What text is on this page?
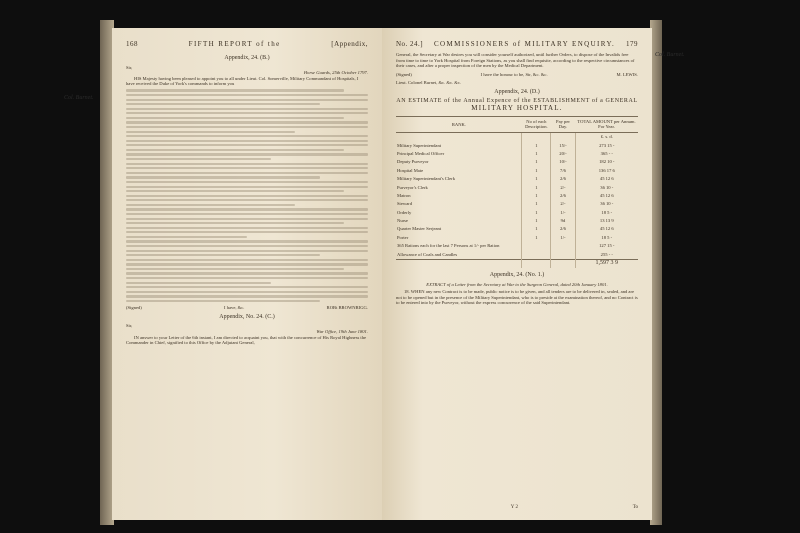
168	FIFTH REPORT of the	[Appendix,
Appendix, 24. (B.)
Sir,
Horse Guards, 25th October 1797.

HIS Majesty having been pleased to appoint you to all under Lieut. Col. Somerville, Military Commandant of Hospitals, I have received the Duke of York's commands to inform you

(Signed)	I have, &c.	ROBt BROWNRIGG.
Appendix, No. 24. (C.)
Sir,
War Office, 19th June 1801.

IN answer to your Letter of the 6th instant, I am directed to acquaint you, that with the concurrence of His Royal Highness the Commander in Chief, signified to this Office by the Adjutant General,

No. 24.] COMMISSIONERS of MILITARY ENQUIRY. 179

General, the Secretary at War desires you will consider yourself authorized, until further Orders, to dispose of the Invalids free from time to time to York Hospital from Foreign Stations, as you shall find requisite, according to the respective circumstances of their cases, and after a proper inspection of the men by the Medical Department.

(Signed)	I have the honour to be, Sir, &c. &c.	M. LEWIS.
Lieut. Colonel Burnet, &c. &c. &c.
Appendix, 24. (D.)
AN ESTIMATE of the Annual Expence of the ESTABLISHMENT of a GENERAL
MILITARY HOSPITAL.
RANK.	No of each Description.	Pay per Day.	TOTAL AMOUNT per Annum. For Year.
			£. s. d.
Military Superintendant	1	15/-	273 15 -
Principal Medical Officer	1	20/-	365 - -
Deputy Purveyor	1	10/-	182 10 -
Hospital Mate	1	7/6	136 17 6
Military Superintendant's Clerk	1	2/6	45 12 6
Purveyor's Clerk	1	2/-	36 10 -
Matron	1	2/6	45 12 6
Steward	1	2/-	36 10 -
Orderly	1	1/-	18 5 -
Nurse	1	9d	13 13 9
Quarter Master Serjeant	1	2/6	45 12 6
Porter	1	1/-	18 5 -
365 Rations each for the last 7 Persons at 1/- per Ration			127 15 -
Allowance of Coals and Candles			255 - -
			1,597 3 9
Appendix, 24. (No. 1.)
EXTRACT of a Letter from the Secretary at War to the Surgeon General, dated 20th January 1801.

18. WHEN any new Contract is to be made, public notice is to be given, and all tenders are to be delivered in, sealed, and are not to be opened but in the presence of the Military Superintendant, who is to preside at the examination thereof, and no Contract is to be entered into by the Purveyor, without the express concurrence of the said Superintendant.

Y 2	To
Col. Burnet.
Col. Burnet.
